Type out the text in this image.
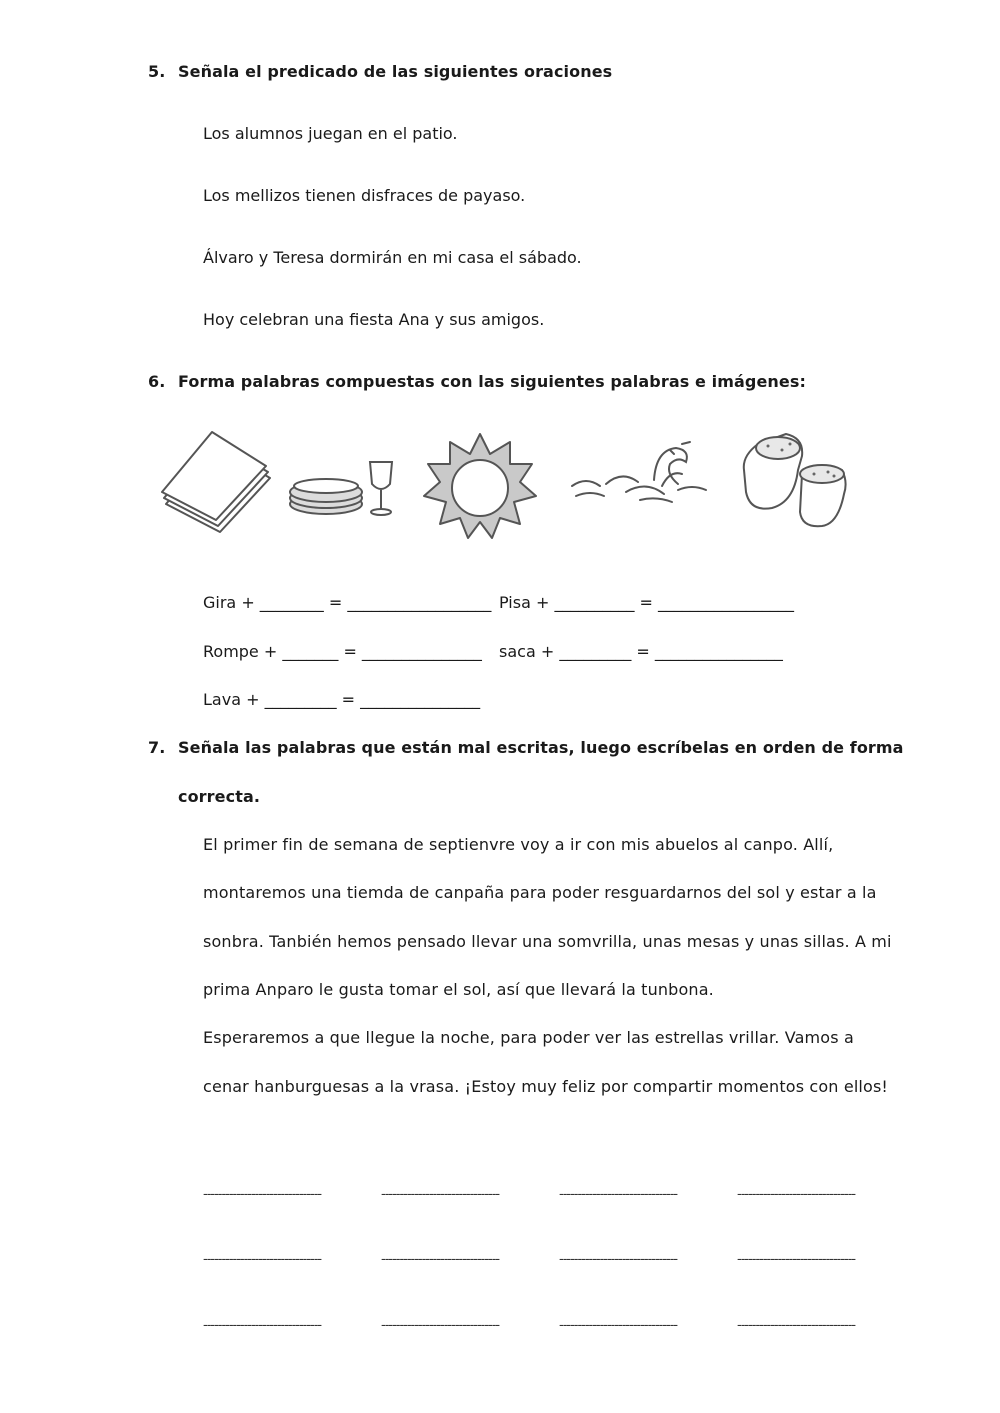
5. Señala el predicado de las siguientes oraciones
Los alumnos juegan en el patio.
Los mellizos tienen disfraces de payaso.
Álvaro y Teresa dormirán en mi casa el sábado.
Hoy celebran una fiesta Ana y sus amigos.
6. Forma palabras compuestas con las siguientes palabras e imágenes:
Gira + ________ = __________________ Pisa + __________ = _________________
Rompe + _______ = _______________ saca + _________ = ________________
Lava + _________ = _______________
7. Señala las palabras que están mal escritas, luego escríbelas en orden de forma
correcta.
El primer fin de semana de septienvre voy a ir con mis abuelos al canpo. Allí,
montaremos una tiemda de canpaña para poder resguardarnos del sol y estar a la
sonbra. Tanbién hemos pensado llevar una somvrilla, unas mesas y unas sillas. A mi
prima Anparo le gusta tomar el sol, así que llevará la tunbona.
Esperaremos a que llegue la noche, para poder ver las estrellas vrillar. Vamos a
cenar hanburguesas a la vrasa. ¡Estoy muy feliz por compartir momentos con ellos!
--------------------------------	--------------------------------	--------------------------------	--------------------------------
--------------------------------	--------------------------------	--------------------------------	--------------------------------
--------------------------------	--------------------------------	--------------------------------	--------------------------------
